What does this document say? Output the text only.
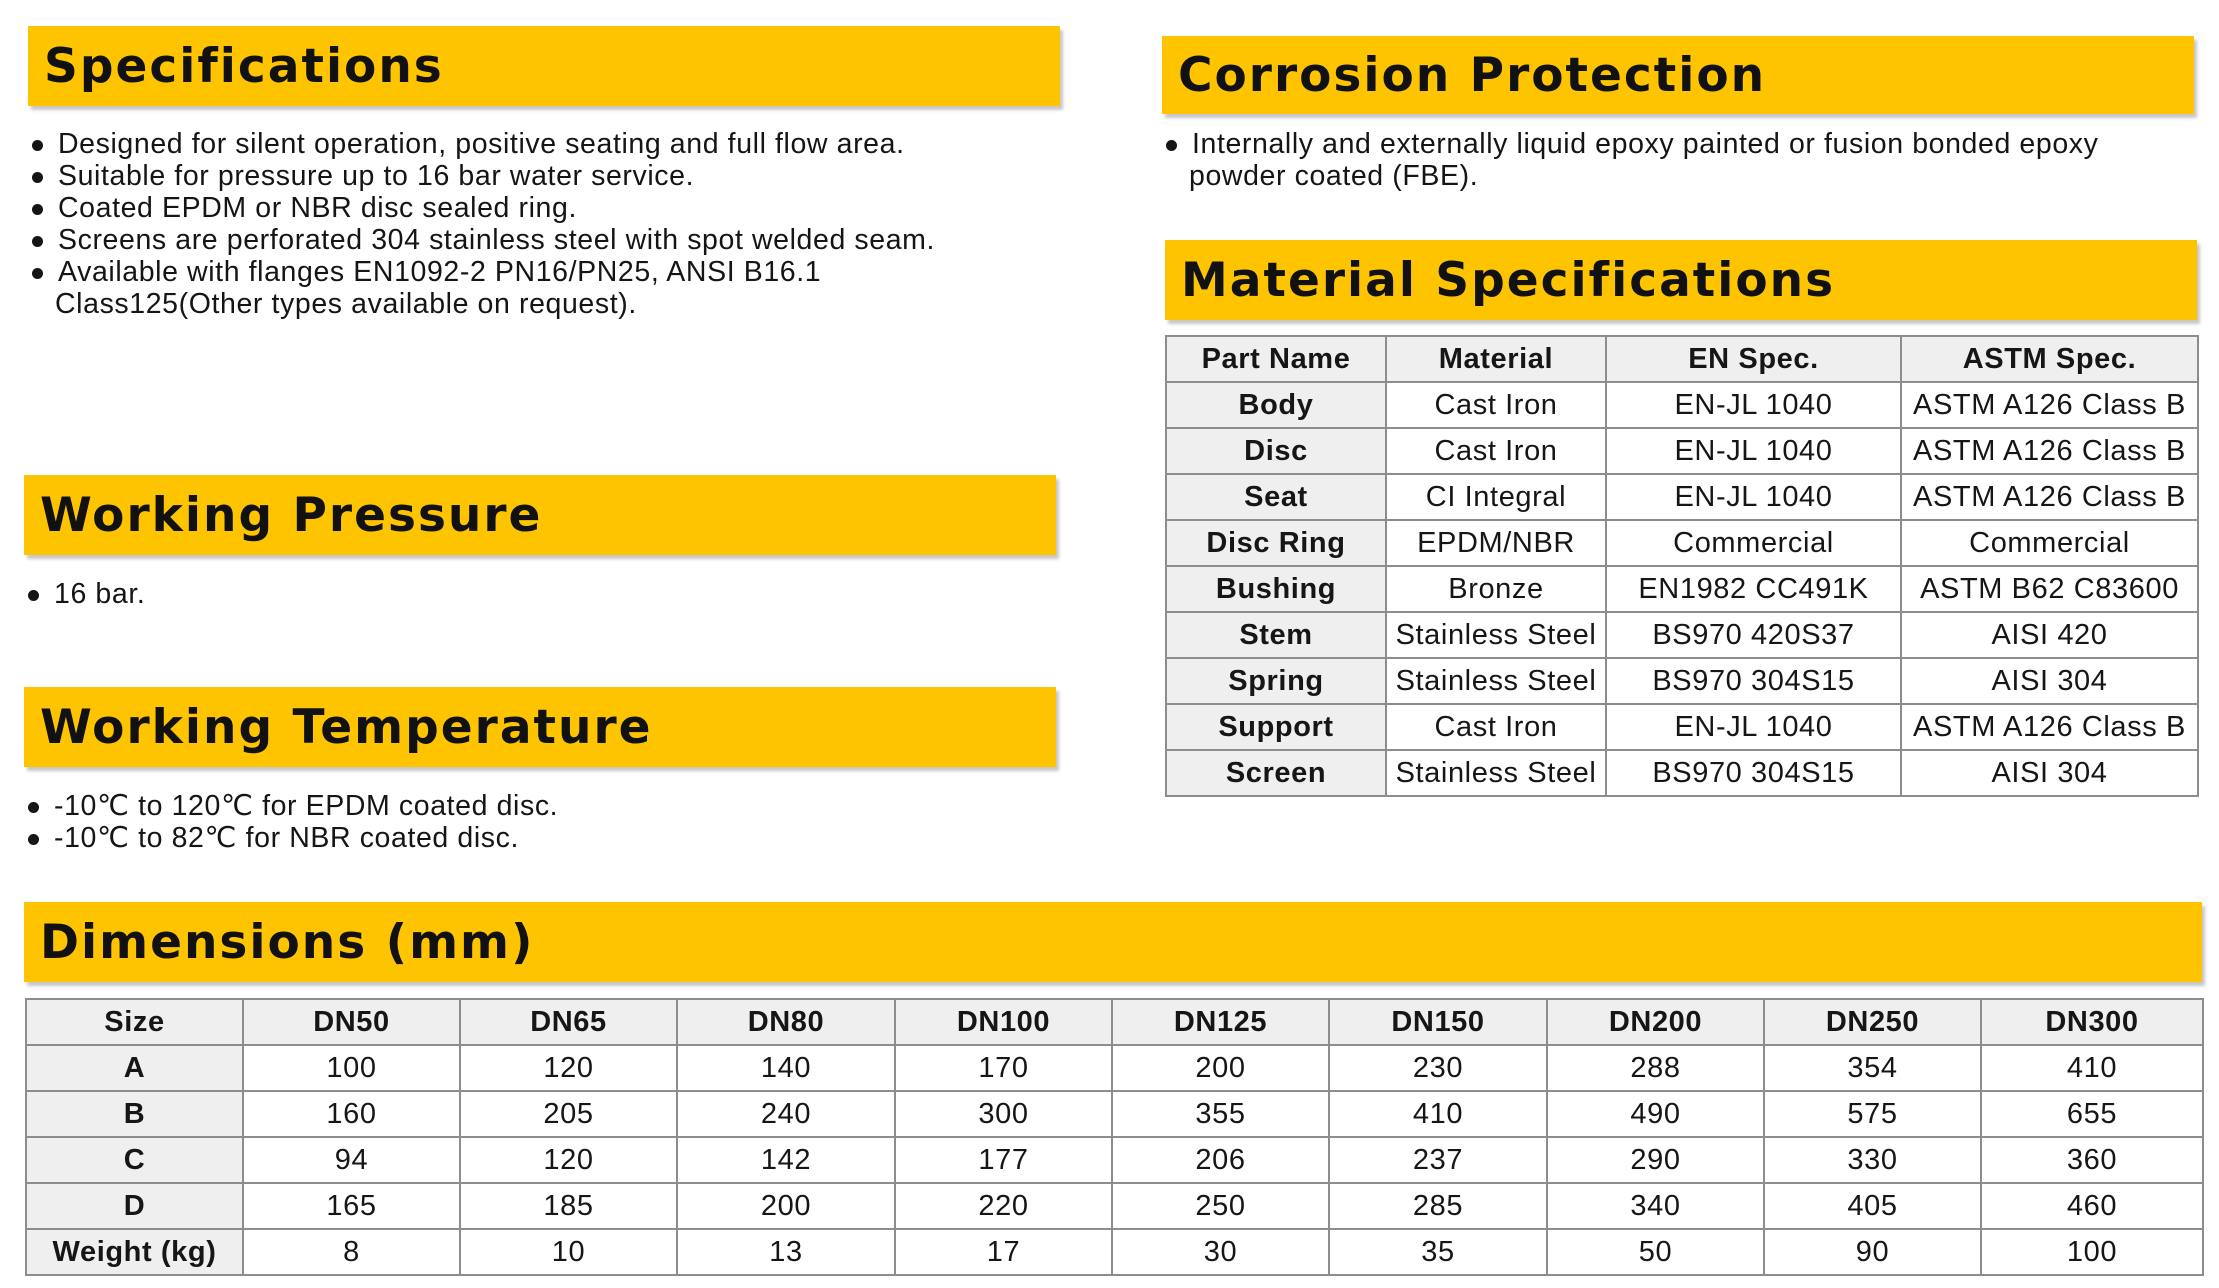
Specifications
Designed for silent operation, positive seating and full flow area.
Suitable for pressure up to 16 bar water service.
Coated EPDM or NBR disc sealed ring.
Screens are perforated 304 stainless steel with spot welded seam.
Available with flanges EN1092-2 PN16/PN25, ANSI B16.1
Class125(Other types available on request).
Working Pressure
16 bar.
Working Temperature
-10℃ to 120℃ for EPDM coated disc.
-10℃ to 82℃ for NBR coated disc.
Corrosion Protection
Internally and externally liquid epoxy painted or fusion bonded epoxy
powder coated (FBE).
Material Specifications
Part Name	Material	EN Spec.	ASTM Spec.
Body	Cast Iron	EN-JL 1040	ASTM A126 Class B
Disc	Cast Iron	EN-JL 1040	ASTM A126 Class B
Seat	CI Integral	EN-JL 1040	ASTM A126 Class B
Disc Ring	EPDM/NBR	Commercial	Commercial
Bushing	Bronze	EN1982 CC491K	ASTM B62 C83600
Stem	Stainless Steel	BS970 420S37	AISI 420
Spring	Stainless Steel	BS970 304S15	AISI 304
Support	Cast Iron	EN-JL 1040	ASTM A126 Class B
Screen	Stainless Steel	BS970 304S15	AISI 304
Dimensions (mm)
Size	DN50	DN65	DN80	DN100	DN125	DN150	DN200	DN250	DN300
A	100	120	140	170	200	230	288	354	410
B	160	205	240	300	355	410	490	575	655
C	94	120	142	177	206	237	290	330	360
D	165	185	200	220	250	285	340	405	460
Weight (kg)	8	10	13	17	30	35	50	90	100
